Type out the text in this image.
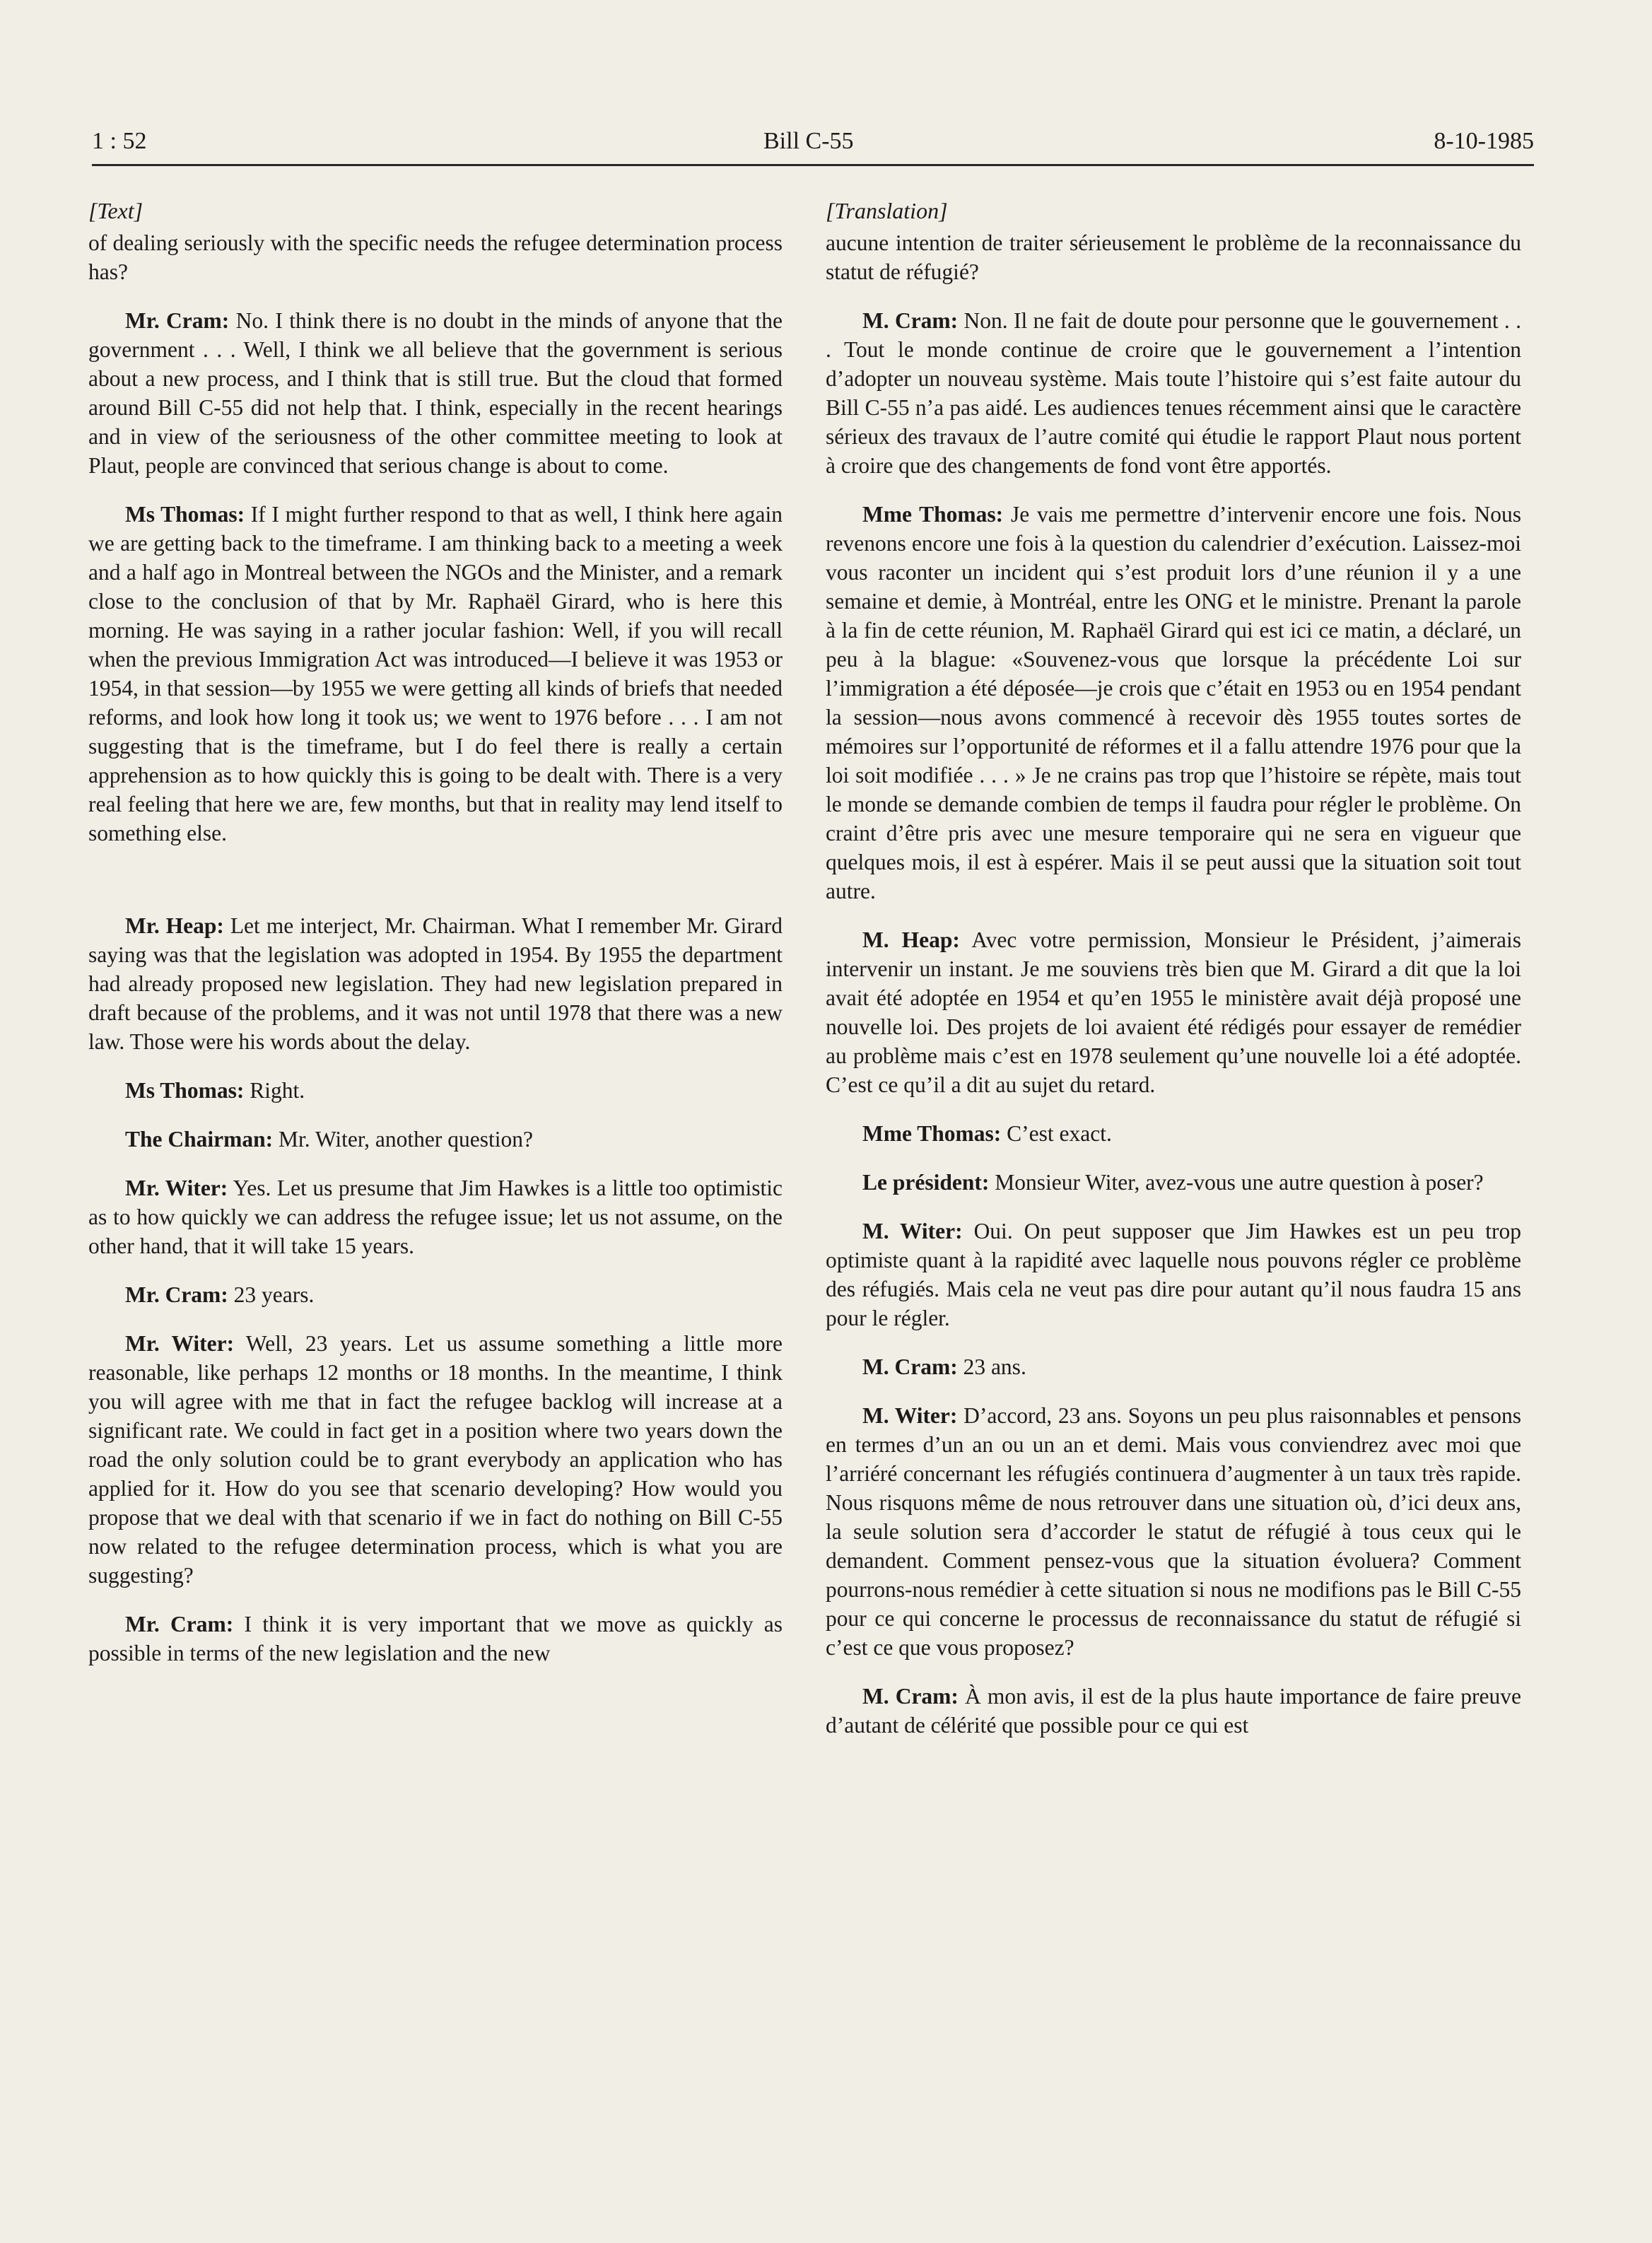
1 : 52	Bill C-55	8-10-1985
[Text]

of dealing seriously with the specific needs the refugee determination process has?

Mr. Cram: No. I think there is no doubt in the minds of anyone that the government . . . Well, I think we all believe that the government is serious about a new process, and I think that is still true. But the cloud that formed around Bill C-55 did not help that. I think, especially in the recent hearings and in view of the seriousness of the other committee meeting to look at Plaut, people are convinced that serious change is about to come.

Ms Thomas: If I might further respond to that as well, I think here again we are getting back to the timeframe. I am thinking back to a meeting a week and a half ago in Montreal between the NGOs and the Minister, and a remark close to the conclusion of that by Mr. Raphaël Girard, who is here this morning. He was saying in a rather jocular fashion: Well, if you will recall when the previous Immigration Act was introduced—I believe it was 1953 or 1954, in that session—by 1955 we were getting all kinds of briefs that needed reforms, and look how long it took us; we went to 1976 before . . . I am not suggesting that is the timeframe, but I do feel there is really a certain apprehension as to how quickly this is going to be dealt with. There is a very real feeling that here we are, few months, but that in reality may lend itself to something else.

Mr. Heap: Let me interject, Mr. Chairman. What I remember Mr. Girard saying was that the legislation was adopted in 1954. By 1955 the department had already proposed new legislation. They had new legislation prepared in draft because of the problems, and it was not until 1978 that there was a new law. Those were his words about the delay.

Ms Thomas: Right.

The Chairman: Mr. Witer, another question?

Mr. Witer: Yes. Let us presume that Jim Hawkes is a little too optimistic as to how quickly we can address the refugee issue; let us not assume, on the other hand, that it will take 15 years.

Mr. Cram: 23 years.

Mr. Witer: Well, 23 years. Let us assume something a little more reasonable, like perhaps 12 months or 18 months. In the meantime, I think you will agree with me that in fact the refugee backlog will increase at a significant rate. We could in fact get in a position where two years down the road the only solution could be to grant everybody an application who has applied for it. How do you see that scenario developing? How would you propose that we deal with that scenario if we in fact do nothing on Bill C-55 now related to the refugee determination process, which is what you are suggesting?

Mr. Cram: I think it is very important that we move as quickly as possible in terms of the new legislation and the new

[Translation]

aucune intention de traiter sérieusement le problème de la reconnaissance du statut de réfugié?

M. Cram: Non. Il ne fait de doute pour personne que le gouvernement . . . Tout le monde continue de croire que le gouvernement a l’intention d’adopter un nouveau système. Mais toute l’histoire qui s’est faite autour du Bill C-55 n’a pas aidé. Les audiences tenues récemment ainsi que le caractère sérieux des travaux de l’autre comité qui étudie le rapport Plaut nous portent à croire que des changements de fond vont être apportés.

Mme Thomas: Je vais me permettre d’intervenir encore une fois. Nous revenons encore une fois à la question du calendrier d’exécution. Laissez-moi vous raconter un incident qui s’est produit lors d’une réunion il y a une semaine et demie, à Montréal, entre les ONG et le ministre. Prenant la parole à la fin de cette réunion, M. Raphaël Girard qui est ici ce matin, a déclaré, un peu à la blague: «Souvenez-vous que lorsque la précédente Loi sur l’immigration a été déposée—je crois que c’était en 1953 ou en 1954 pendant la session—nous avons commencé à recevoir dès 1955 toutes sortes de mémoires sur l’opportunité de réformes et il a fallu attendre 1976 pour que la loi soit modifiée . . . » Je ne crains pas trop que l’histoire se répète, mais tout le monde se demande combien de temps il faudra pour régler le problème. On craint d’être pris avec une mesure temporaire qui ne sera en vigueur que quelques mois, il est à espérer. Mais il se peut aussi que la situation soit tout autre.

M. Heap: Avec votre permission, Monsieur le Président, j’aimerais intervenir un instant. Je me souviens très bien que M. Girard a dit que la loi avait été adoptée en 1954 et qu’en 1955 le ministère avait déjà proposé une nouvelle loi. Des projets de loi avaient été rédigés pour essayer de remédier au problème mais c’est en 1978 seulement qu’une nouvelle loi a été adoptée. C’est ce qu’il a dit au sujet du retard.

Mme Thomas: C’est exact.

Le président: Monsieur Witer, avez-vous une autre question à poser?

M. Witer: Oui. On peut supposer que Jim Hawkes est un peu trop optimiste quant à la rapidité avec laquelle nous pouvons régler ce problème des réfugiés. Mais cela ne veut pas dire pour autant qu’il nous faudra 15 ans pour le régler.

M. Cram: 23 ans.

M. Witer: D’accord, 23 ans. Soyons un peu plus raisonnables et pensons en termes d’un an ou un an et demi. Mais vous conviendrez avec moi que l’arriéré concernant les réfugiés continuera d’augmenter à un taux très rapide. Nous risquons même de nous retrouver dans une situation où, d’ici deux ans, la seule solution sera d’accorder le statut de réfugié à tous ceux qui le demandent. Comment pensez-vous que la situation évoluera? Comment pourrons-nous remédier à cette situation si nous ne modifions pas le Bill C-55 pour ce qui concerne le processus de reconnaissance du statut de réfugié si c’est ce que vous proposez?

M. Cram: À mon avis, il est de la plus haute importance de faire preuve d’autant de célérité que possible pour ce qui est
